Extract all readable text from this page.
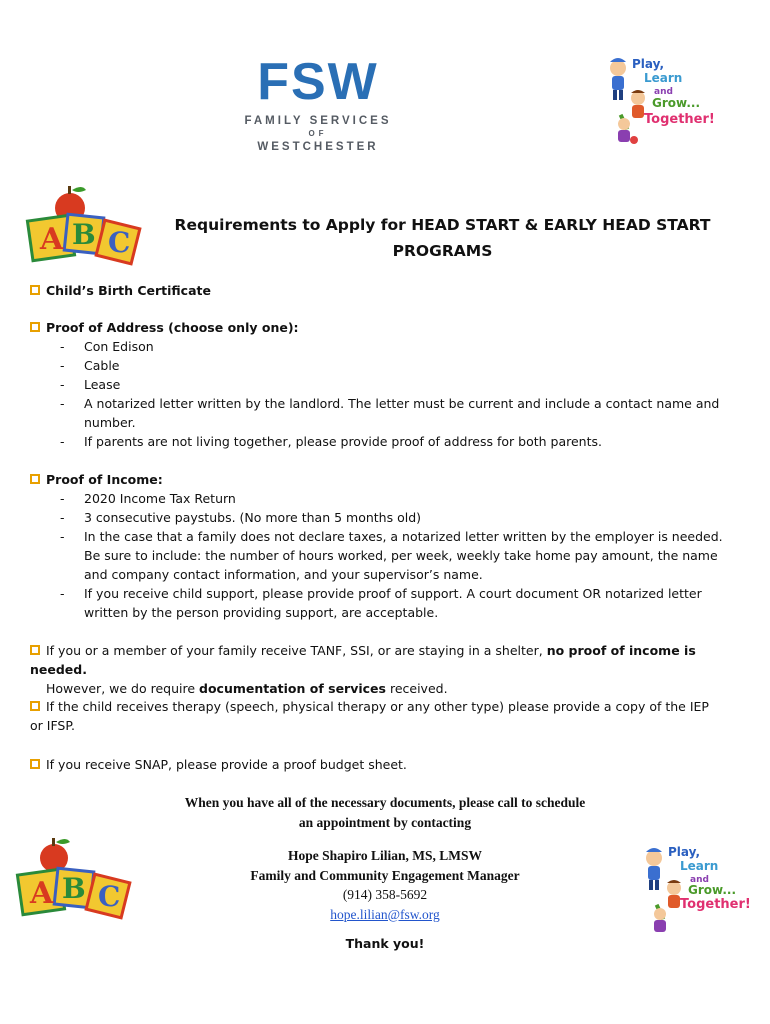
FSW
FAMILY SERVICES
OF
WESTCHESTER
Play,
Learn
and
Grow...
Together!
A B C
Requirements to Apply for HEAD START & EARLY HEAD START
PROGRAMS
Child’s Birth Certificate
Proof of Address (choose only one):
- Con Edison
- Cable
- Lease
- A notarized letter written by the landlord. The letter must be current and include a contact name and number.
- If parents are not living together, please provide proof of address for both parents.
Proof of Income:
- 2020 Income Tax Return
- 3 consecutive paystubs. (No more than 5 months old)
- In the case that a family does not declare taxes, a notarized letter written by the employer is needed. Be sure to include: the number of hours worked, per week, weekly take home pay amount, the name and company contact information, and your supervisor’s name.
- If you receive child support, please provide proof of support. A court document OR notarized letter written by the person providing support, are acceptable.
If you or a member of your family receive TANF, SSI, or are staying in a shelter, no proof of income is needed.
However, we do require documentation of services received.
If the child receives therapy (speech, physical therapy or any other type) please provide a copy of the IEP or IFSP.
If you receive SNAP, please provide a proof budget sheet.
When you have all of the necessary documents, please call to schedule
an appointment by contacting
Hope Shapiro Lilian, MS, LMSW
Family and Community Engagement Manager
(914) 358-5692
hope.lilian@fsw.org
Thank you!
A B C
Play,
Learn
and
Grow...
Together!
